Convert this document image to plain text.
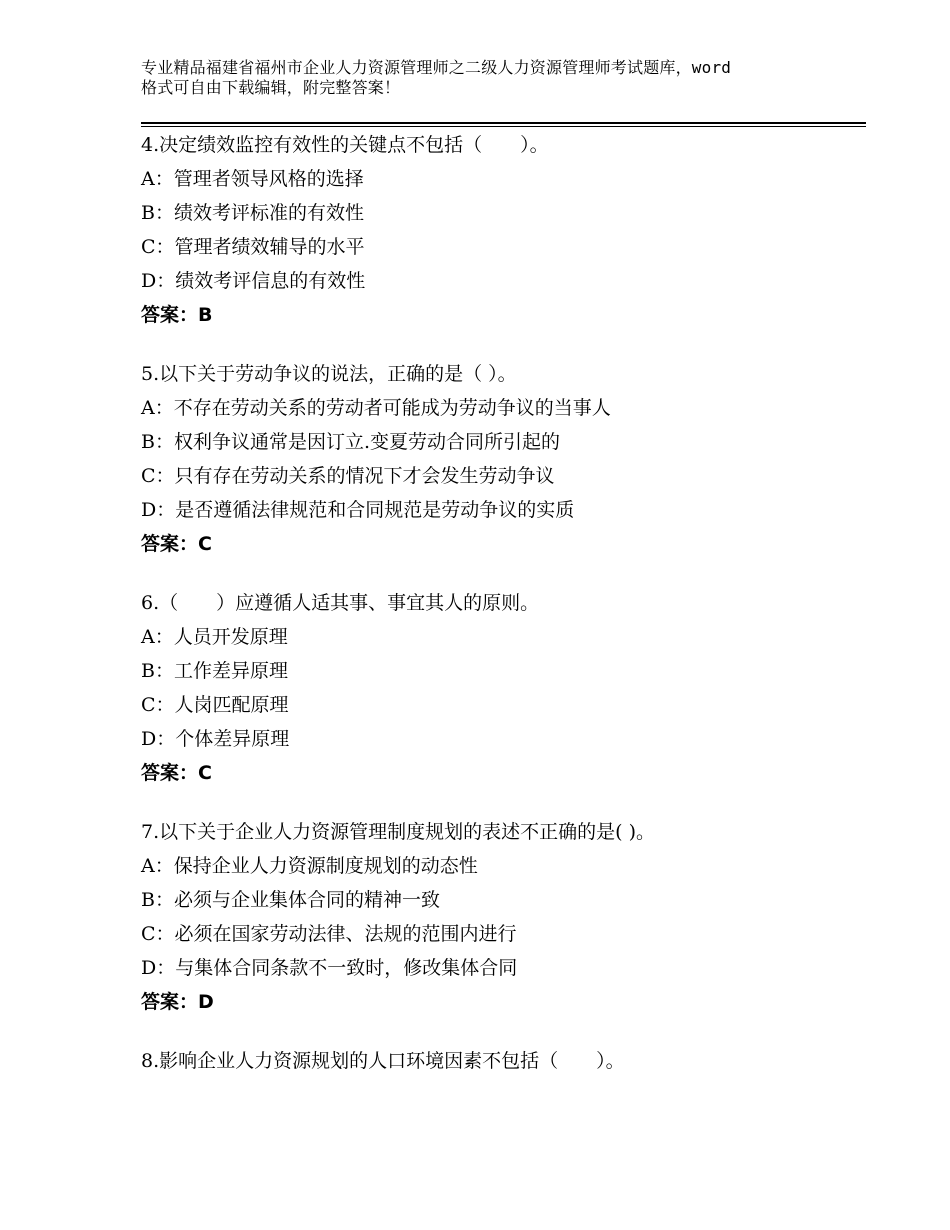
专业精品福建省福州市企业人力资源管理师之二级人力资源管理师考试题库，word
格式可自由下载编辑，附完整答案！
4.决定绩效监控有效性的关键点不包括（　　）。
A：管理者领导风格的选择
B：绩效考评标准的有效性
C：管理者绩效辅导的水平
D：绩效考评信息的有效性
答案：B
5.以下关于劳动争议的说法，正确的是（ ）。
A：不存在劳动关系的劳动者可能成为劳动争议的当事人
B：权利争议通常是因订立.变夏劳动合同所引起的
C：只有存在劳动关系的情况下才会发生劳动争议
D：是否遵循法律规范和合同规范是劳动争议的实质
答案：C
6.（　　）应遵循人适其事、事宜其人的原则。
A：人员开发原理
B：工作差异原理
C：人岗匹配原理
D：个体差异原理
答案：C
7.以下关于企业人力资源管理制度规划的表述不正确的是( )。
A：保持企业人力资源制度规划的动态性
B：必须与企业集体合同的精神一致
C：必须在国家劳动法律、法规的范围内进行
D：与集体合同条款不一致时，修改集体合同
答案：D
8.影响企业人力资源规划的人口环境因素不包括（　　）。
